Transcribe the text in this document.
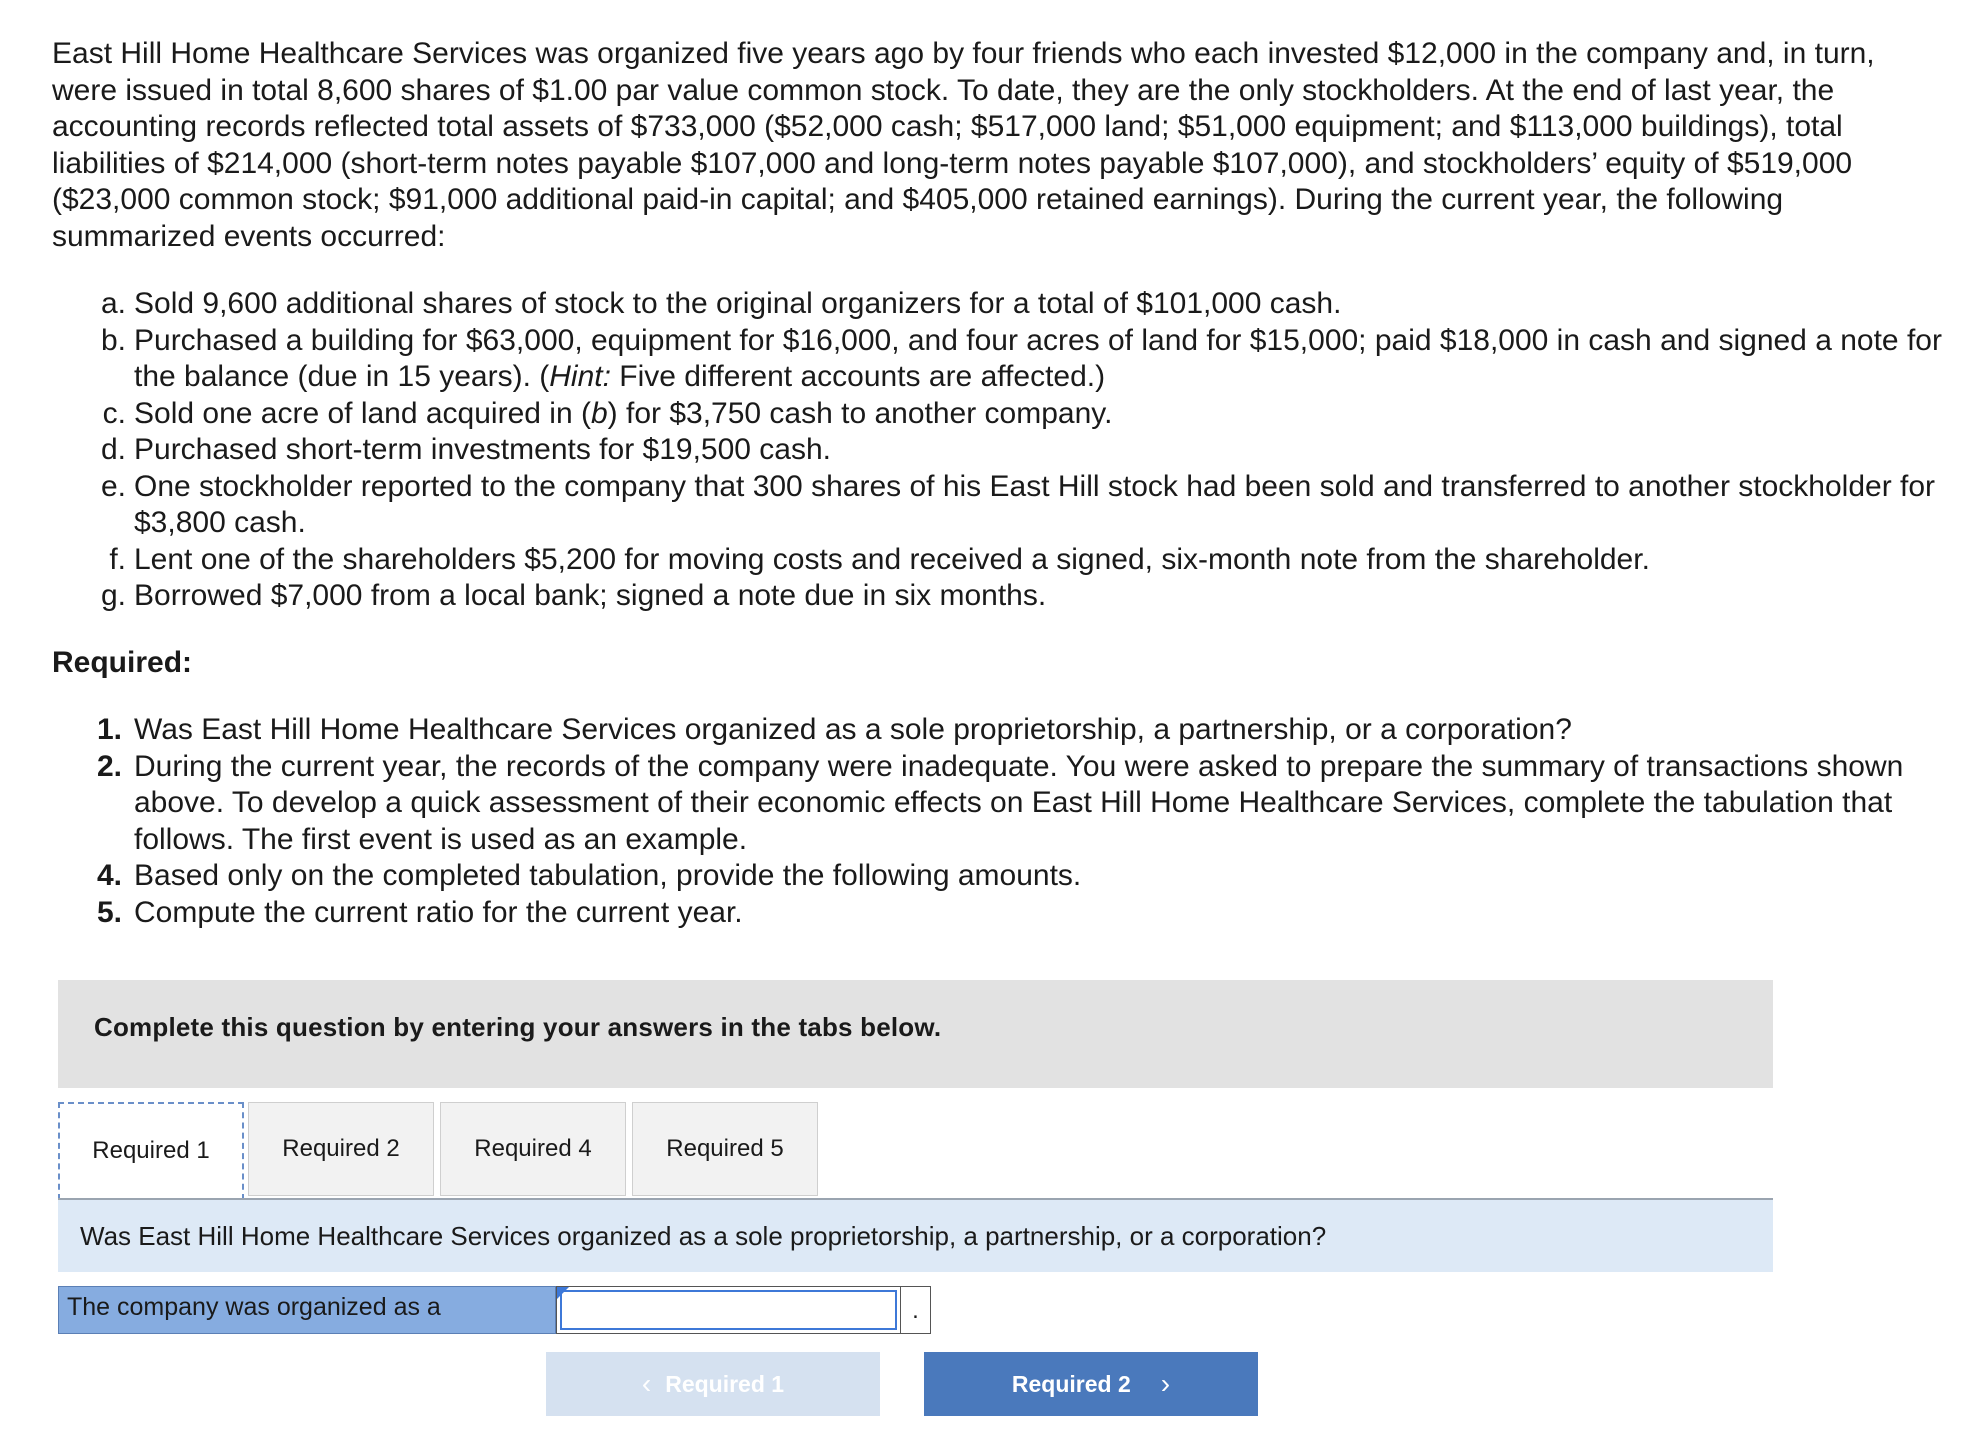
East Hill Home Healthcare Services was organized five years ago by four friends who each invested $12,000 in the company and, in turn, were issued in total 8,600 shares of $1.00 par value common stock. To date, they are the only stockholders. At the end of last year, the accounting records reflected total assets of $733,000 ($52,000 cash; $517,000 land; $51,000 equipment; and $113,000 buildings), total liabilities of $214,000 (short-term notes payable $107,000 and long-term notes payable $107,000), and stockholders’ equity of $519,000 ($23,000 common stock; $91,000 additional paid-in capital; and $405,000 retained earnings). During the current year, the following summarized events occurred:

a. Sold 9,600 additional shares of stock to the original organizers for a total of $101,000 cash.
b. Purchased a building for $63,000, equipment for $16,000, and four acres of land for $15,000; paid $18,000 in cash and signed a note for the balance (due in 15 years). (Hint: Five different accounts are affected.)
c. Sold one acre of land acquired in (b) for $3,750 cash to another company.
d. Purchased short-term investments for $19,500 cash.
e. One stockholder reported to the company that 300 shares of his East Hill stock had been sold and transferred to another stockholder for $3,800 cash.
f. Lent one of the shareholders $5,200 for moving costs and received a signed, six-month note from the shareholder.
g. Borrowed $7,000 from a local bank; signed a note due in six months.
Required:
1. Was East Hill Home Healthcare Services organized as a sole proprietorship, a partnership, or a corporation?
2. During the current year, the records of the company were inadequate. You were asked to prepare the summary of transactions shown above. To develop a quick assessment of their economic effects on East Hill Home Healthcare Services, complete the tabulation that follows. The first event is used as an example.
4. Based only on the completed tabulation, provide the following amounts.
5. Compute the current ratio for the current year.
Complete this question by entering your answers in the tabs below.
Required 1	Required 2	Required 4	Required 5
Was East Hill Home Healthcare Services organized as a sole proprietorship, a partnership, or a corporation?
The company was organized as a	.
‹ Required 1	Required 2 ›
